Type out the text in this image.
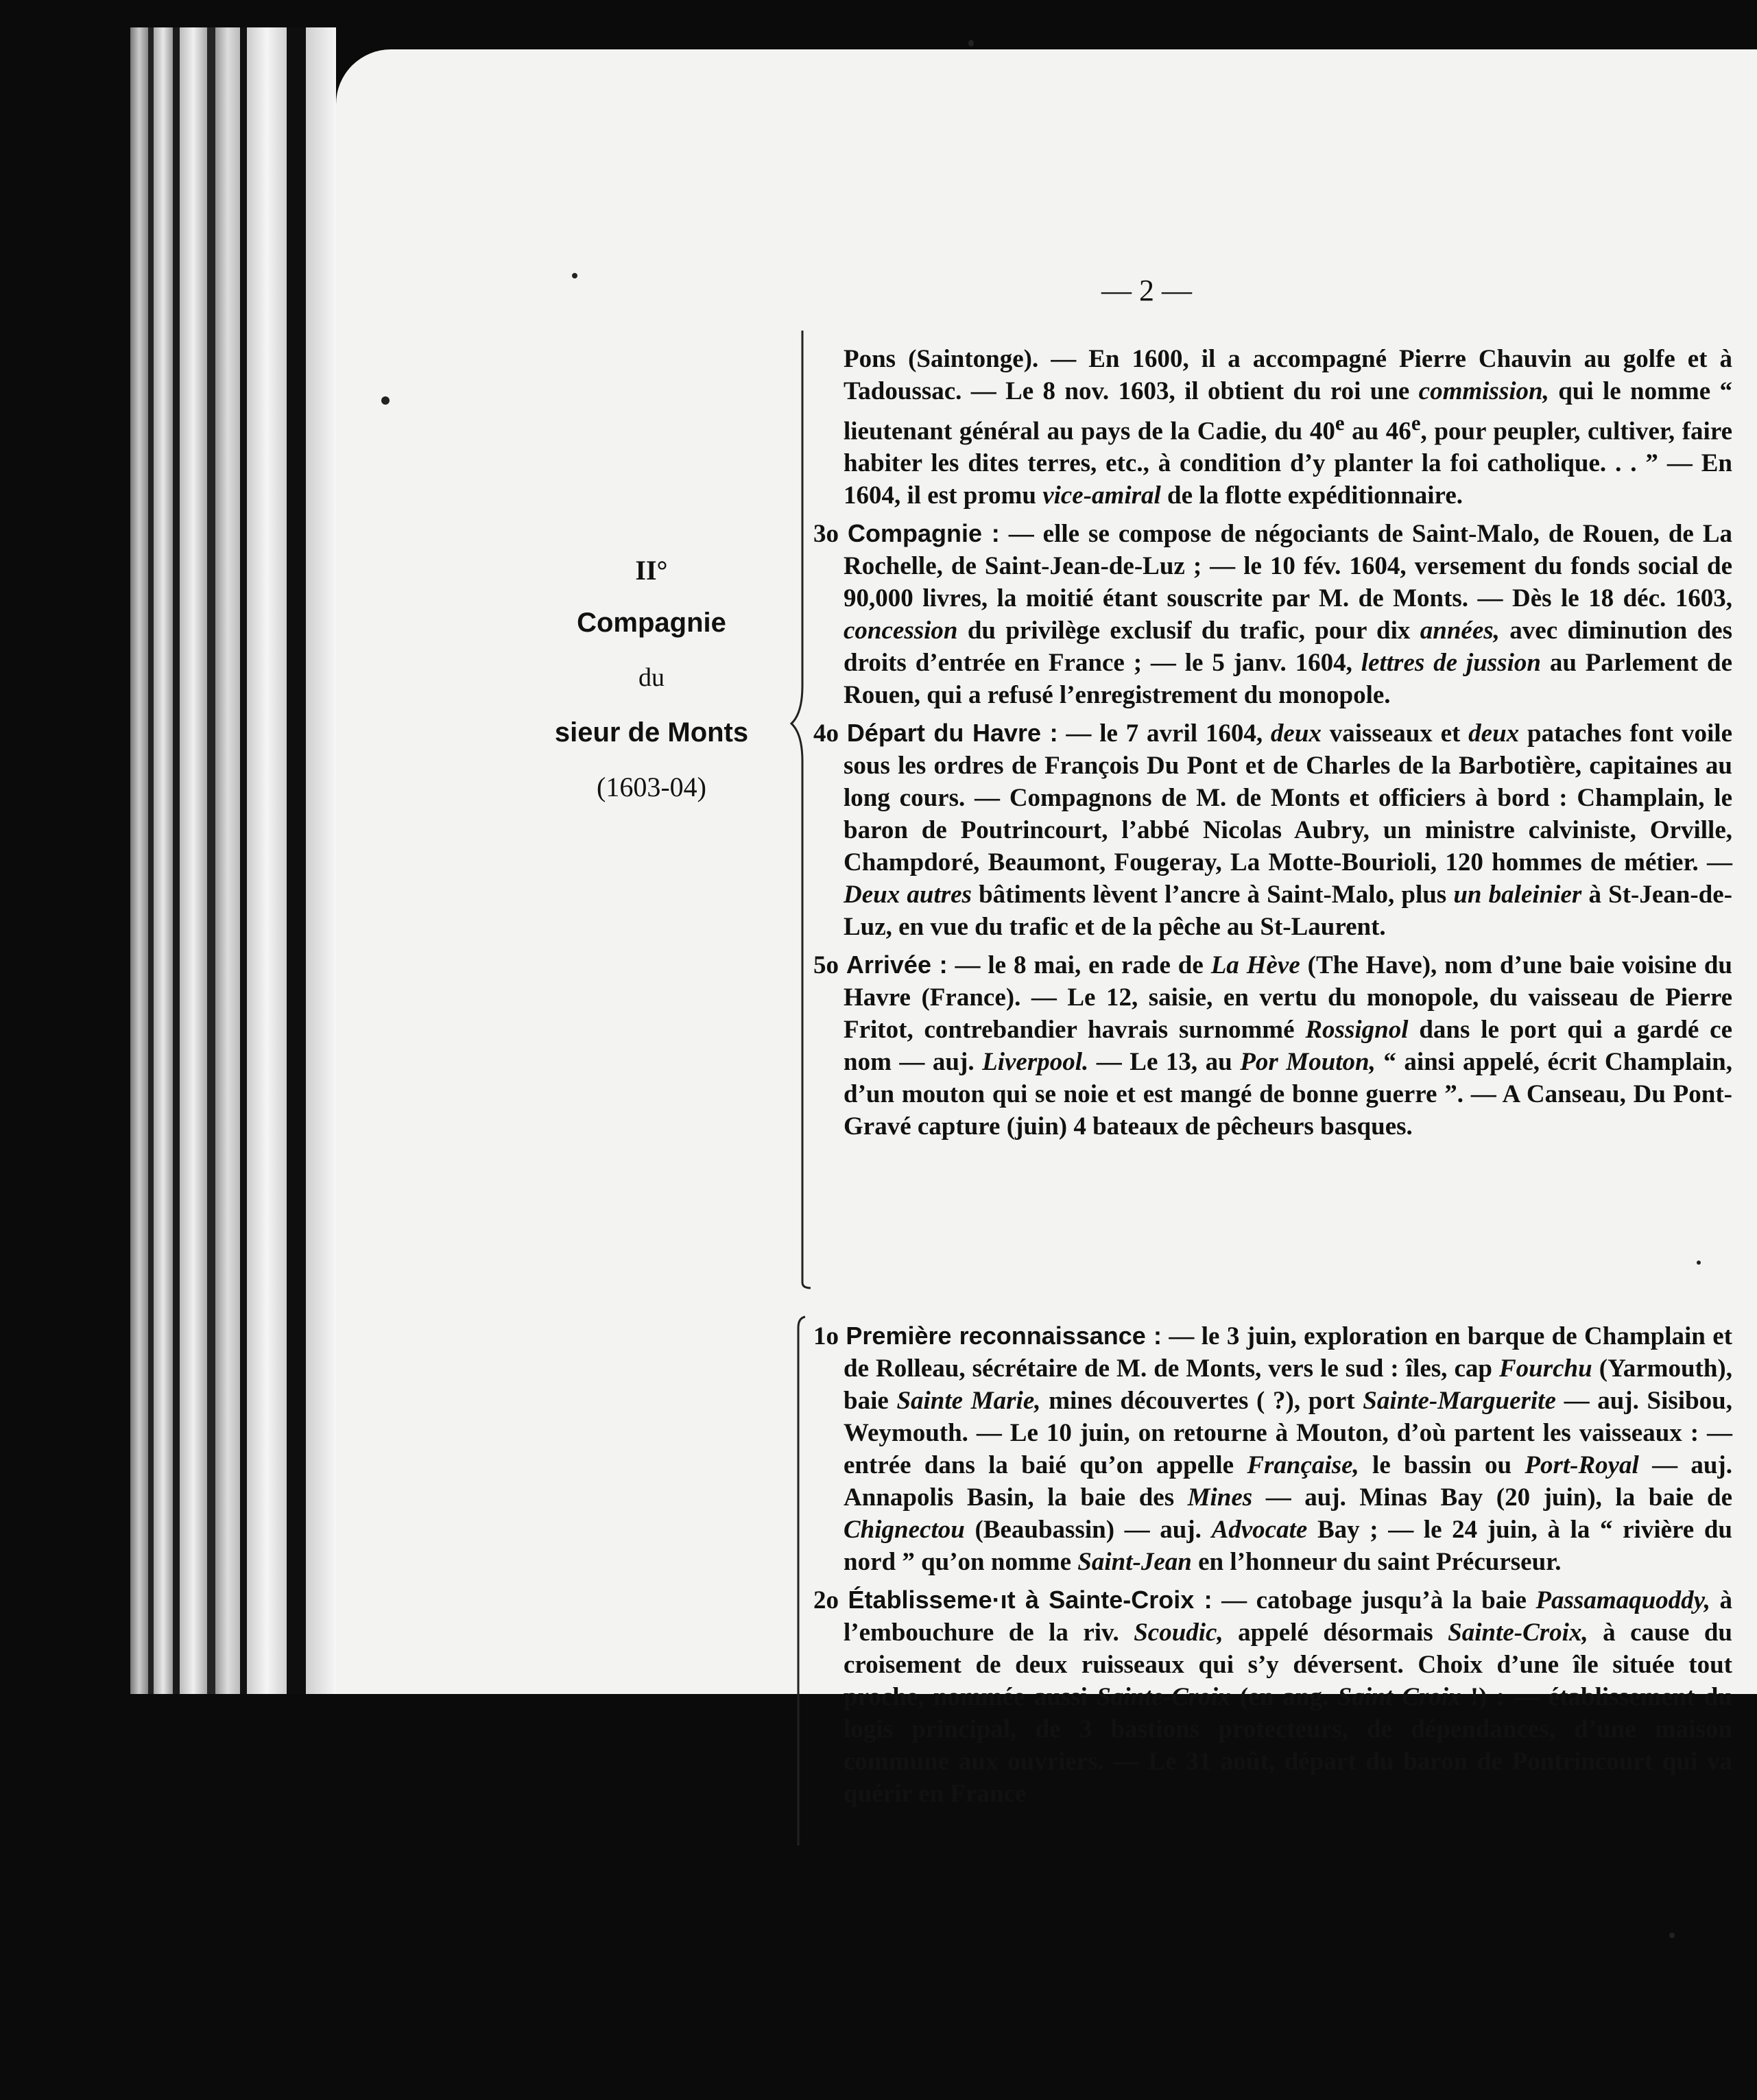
— 2 —
II°
Compagnie
du
sieur de Monts
(1603-04)

Pons (Saintonge). — En 1600, il a accompagné Pierre Chauvin au golfe et à Tadoussac. — Le 8 nov. 1603, il obtient du roi une commission, qui le nomme “ lieutenant général au pays de la Cadie, du 40e au 46e, pour peupler, cultiver, faire habiter les dites terres, etc., à condition d’y planter la foi catholique. . . ” — En 1604, il est promu vice-amiral de la flotte expéditionnaire.

3o Compagnie : — elle se compose de négociants de Saint-Malo, de Rouen, de La Rochelle, de Saint-Jean-de-Luz ; — le 10 fév. 1604, versement du fonds social de 90,000 livres, la moitié étant souscrite par M. de Monts. — Dès le 18 déc. 1603, concession du privilège exclusif du trafic, pour dix années, avec diminution des droits d’entrée en France ; — le 5 janv. 1604, lettres de jussion au Parlement de Rouen, qui a refusé l’enregistrement du monopole.

4o Départ du Havre : — le 7 avril 1604, deux vaisseaux et deux pataches font voile sous les ordres de François Du Pont et de Charles de la Barbotière, capitaines au long cours. — Compagnons de M. de Monts et officiers à bord : Champlain, le baron de Poutrincourt, l’abbé Nicolas Aubry, un ministre calviniste, Orville, Champdoré, Beaumont, Fougeray, La Motte-Bourioli, 120 hommes de métier. — Deux autres bâtiments lèvent l’ancre à Saint-Malo, plus un baleinier à St-Jean-de-Luz, en vue du trafic et de la pêche au St-Laurent.

5o Arrivée : — le 8 mai, en rade de La Hève (The Have), nom d’une baie voisine du Havre (France). — Le 12, saisie, en vertu du monopole, du vaisseau de Pierre Fritot, contrebandier havrais surnommé Rossignol dans le port qui a gardé ce nom — auj. Liverpool. — Le 13, au Por Mouton, “ ainsi appelé, écrit Champlain, d’un mouton qui se noie et est mangé de bonne guerre ”. — A Canseau, Du Pont-Gravé capture (juin) 4 bateaux de pêcheurs basques.

1o Première reconnaissance : — le 3 juin, exploration en barque de Champlain et de Rolleau, sécrétaire de M. de Monts, vers le sud : îles, cap Fourchu (Yarmouth), baie Sainte Marie, mines découvertes ( ?), port Sainte-Marguerite — auj. Sisibou, Weymouth. — Le 10 juin, on retourne à Mouton, d’où partent les vaisseaux : — entrée dans la baié qu’on appelle Française, le bassin ou Port-Royal — auj. Annapolis Basin, la baie des Mines — auj. Minas Bay (20 juin), la baie de Chignectou (Beaubassin) — auj. Advocate Bay ; — le 24 juin, à la “ rivière du nord ” qu’on nomme Saint-Jean en l’honneur du saint Précurseur.

2o Établisseme·ıt à Sainte-Croix : — catobage jusqu’à la baie Passamaquoddy, à l’embouchure de la riv. Scoudic, appelé désormais Sainte-Croix, à cause du croisement de deux ruisseaux qui s’y déversent. Choix d’une île située tout proche, nommée aussi Sainte-Croix (en ang. Saint Croix !) : — établissement du logis principal, de 3 bastions protecteurs, de dépendances, d’une maison commune aux ouvriers. — Le 31 août, départ du baron de Pontrincourt qui va quérir en France
